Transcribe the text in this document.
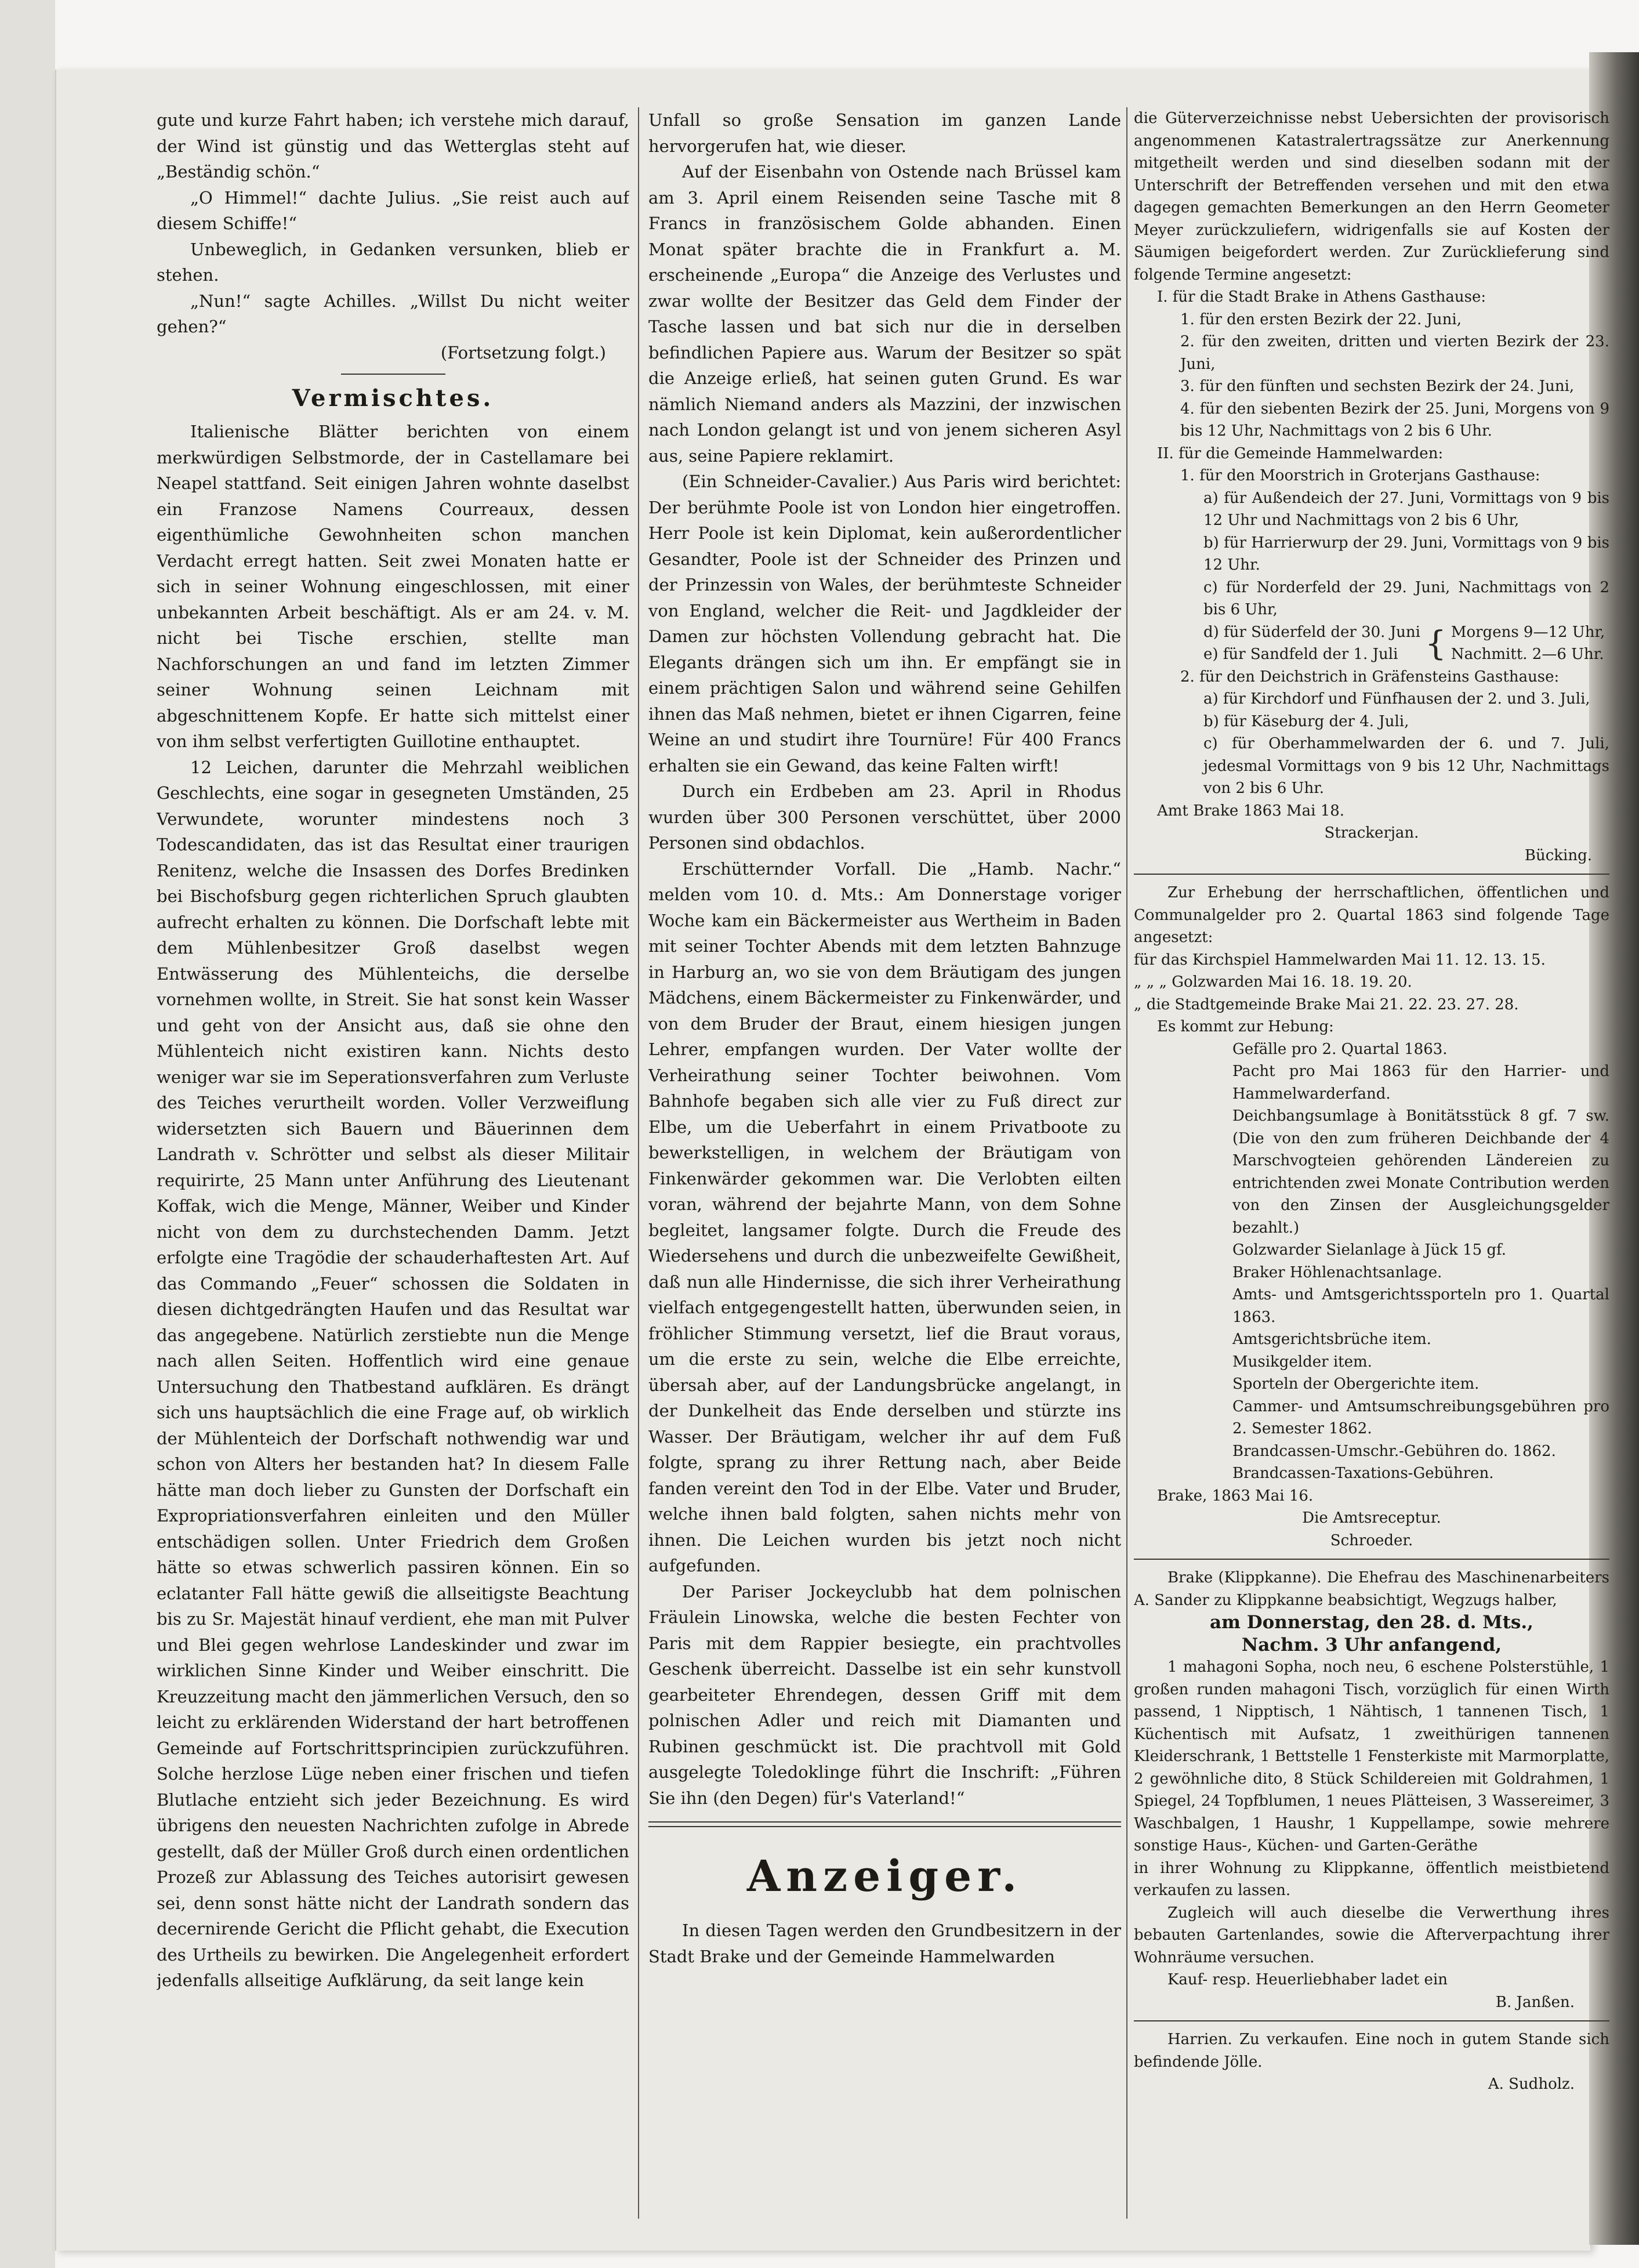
gute und kurze Fahrt haben; ich verstehe mich darauf, der Wind ist günstig und das Wetterglas steht auf „Beständig schön.“

„O Himmel!“ dachte Julius. „Sie reist auch auf diesem Schiffe!“

Unbeweglich, in Gedanken versunken, blieb er stehen.

„Nun!“ sagte Achilles. „Willst Du nicht weiter gehen?“

(Fortsetzung folgt.)

Vermischtes.

Italienische Blätter berichten von einem merkwürdigen Selbstmorde, der in Castellamare bei Neapel stattfand. Seit einigen Jahren wohnte daselbst ein Franzose Namens Courreaux, dessen eigenthümliche Gewohnheiten schon manchen Verdacht erregt hatten. Seit zwei Monaten hatte er sich in seiner Wohnung eingeschlossen, mit einer unbekannten Arbeit beschäftigt. Als er am 24. v. M. nicht bei Tische erschien, stellte man Nachforschungen an und fand im letzten Zimmer seiner Wohnung seinen Leichnam mit abgeschnittenem Kopfe. Er hatte sich mittelst einer von ihm selbst verfertigten Guillotine enthauptet.

12 Leichen, darunter die Mehrzahl weiblichen Geschlechts, eine sogar in gesegneten Umständen, 25 Verwundete, worunter mindestens noch 3 Todescandidaten, das ist das Resultat einer traurigen Renitenz, welche die Insassen des Dorfes Bredinken bei Bischofsburg gegen richterlichen Spruch glaubten aufrecht erhalten zu können. Die Dorfschaft lebte mit dem Mühlenbesitzer Groß daselbst wegen Entwässerung des Mühlenteichs, die derselbe vornehmen wollte, in Streit. Sie hat sonst kein Wasser und geht von der Ansicht aus, daß sie ohne den Mühlenteich nicht existiren kann. Nichts desto weniger war sie im Seperationsverfahren zum Verluste des Teiches verurtheilt worden. Voller Verzweiflung widersetzten sich Bauern und Bäuerinnen dem Landrath v. Schrötter und selbst als dieser Militair requirirte, 25 Mann unter Anführung des Lieutenant Koffak, wich die Menge, Männer, Weiber und Kinder nicht von dem zu durchstechenden Damm. Jetzt erfolgte eine Tragödie der schauderhaftesten Art. Auf das Commando „Feuer“ schossen die Soldaten in diesen dichtgedrängten Haufen und das Resultat war das angegebene. Natürlich zerstiebte nun die Menge nach allen Seiten. Hoffentlich wird eine genaue Untersuchung den Thatbestand aufklären. Es drängt sich uns hauptsächlich die eine Frage auf, ob wirklich der Mühlenteich der Dorfschaft nothwendig war und schon von Alters her bestanden hat? In diesem Falle hätte man doch lieber zu Gunsten der Dorfschaft ein Expropriationsverfahren einleiten und den Müller entschädigen sollen. Unter Friedrich dem Großen hätte so etwas schwerlich passiren können. Ein so eclatanter Fall hätte gewiß die allseitigste Beachtung bis zu Sr. Majestät hinauf verdient, ehe man mit Pulver und Blei gegen wehrlose Landeskinder und zwar im wirklichen Sinne Kinder und Weiber einschritt. Die Kreuzzeitung macht den jämmerlichen Versuch, den so leicht zu erklärenden Widerstand der hart betroffenen Gemeinde auf Fortschrittsprincipien zurückzuführen. Solche herzlose Lüge neben einer frischen und tiefen Blutlache entzieht sich jeder Bezeichnung. Es wird übrigens den neuesten Nachrichten zufolge in Abrede gestellt, daß der Müller Groß durch einen ordentlichen Prozeß zur Ablassung des Teiches autorisirt gewesen sei, denn sonst hätte nicht der Landrath sondern das decernirende Gericht die Pflicht gehabt, die Execution des Urtheils zu bewirken. Die Angelegenheit erfordert jedenfalls allseitige Aufklärung, da seit lange kein

Unfall so große Sensation im ganzen Lande hervorgerufen hat, wie dieser.

Auf der Eisenbahn von Ostende nach Brüssel kam am 3. April einem Reisenden seine Tasche mit 8 Francs in französischem Golde abhanden. Einen Monat später brachte die in Frankfurt a. M. erscheinende „Europa“ die Anzeige des Verlustes und zwar wollte der Besitzer das Geld dem Finder der Tasche lassen und bat sich nur die in derselben befindlichen Papiere aus. Warum der Besitzer so spät die Anzeige erließ, hat seinen guten Grund. Es war nämlich Niemand anders als Mazzini, der inzwischen nach London gelangt ist und von jenem sicheren Asyl aus, seine Papiere reklamirt.

(Ein Schneider-Cavalier.) Aus Paris wird berichtet: Der berühmte Poole ist von London hier eingetroffen. Herr Poole ist kein Diplomat, kein außerordentlicher Gesandter, Poole ist der Schneider des Prinzen und der Prinzessin von Wales, der berühmteste Schneider von England, welcher die Reit- und Jagdkleider der Damen zur höchsten Vollendung gebracht hat. Die Elegants drängen sich um ihn. Er empfängt sie in einem prächtigen Salon und während seine Gehilfen ihnen das Maß nehmen, bietet er ihnen Cigarren, feine Weine an und studirt ihre Tournüre! Für 400 Francs erhalten sie ein Gewand, das keine Falten wirft!

Durch ein Erdbeben am 23. April in Rhodus wurden über 300 Personen verschüttet, über 2000 Personen sind obdachlos.

Erschütternder Vorfall. Die „Hamb. Nachr.“ melden vom 10. d. Mts.: Am Donnerstage voriger Woche kam ein Bäckermeister aus Wertheim in Baden mit seiner Tochter Abends mit dem letzten Bahnzuge in Harburg an, wo sie von dem Bräutigam des jungen Mädchens, einem Bäckermeister zu Finkenwärder, und von dem Bruder der Braut, einem hiesigen jungen Lehrer, empfangen wurden. Der Vater wollte der Verheirathung seiner Tochter beiwohnen. Vom Bahnhofe begaben sich alle vier zu Fuß direct zur Elbe, um die Ueberfahrt in einem Privatboote zu bewerkstelligen, in welchem der Bräutigam von Finkenwärder gekommen war. Die Verlobten eilten voran, während der bejahrte Mann, von dem Sohne begleitet, langsamer folgte. Durch die Freude des Wiedersehens und durch die unbezweifelte Gewißheit, daß nun alle Hindernisse, die sich ihrer Verheirathung vielfach entgegengestellt hatten, überwunden seien, in fröhlicher Stimmung versetzt, lief die Braut voraus, um die erste zu sein, welche die Elbe erreichte, übersah aber, auf der Landungsbrücke angelangt, in der Dunkelheit das Ende derselben und stürzte ins Wasser. Der Bräutigam, welcher ihr auf dem Fuß folgte, sprang zu ihrer Rettung nach, aber Beide fanden vereint den Tod in der Elbe. Vater und Bruder, welche ihnen bald folgten, sahen nichts mehr von ihnen. Die Leichen wurden bis jetzt noch nicht aufgefunden.

Der Pariser Jockeyclubb hat dem polnischen Fräulein Linowska, welche die besten Fechter von Paris mit dem Rappier besiegte, ein prachtvolles Geschenk überreicht. Dasselbe ist ein sehr kunstvoll gearbeiteter Ehrendegen, dessen Griff mit dem polnischen Adler und reich mit Diamanten und Rubinen geschmückt ist. Die prachtvoll mit Gold ausgelegte Toledoklinge führt die Inschrift: „Führen Sie ihn (den Degen) für's Vaterland!“

Anzeiger.

In diesen Tagen werden den Grundbesitzern in der Stadt Brake und der Gemeinde Hammelwarden

die Güterverzeichnisse nebst Uebersichten der provisorisch angenommenen Katastralertragssätze zur Anerkennung mitgetheilt werden und sind dieselben sodann mit der Unterschrift der Betreffenden versehen und mit den etwa dagegen gemachten Bemerkungen an den Herrn Geometer Meyer zurückzuliefern, widrigenfalls sie auf Kosten der Säumigen beigefordert werden. Zur Zurücklieferung sind folgende Termine angesetzt:

I. für die Stadt Brake in Athens Gasthause:

1. für den ersten Bezirk der 22. Juni,

2. für den zweiten, dritten und vierten Bezirk der 23. Juni,

3. für den fünften und sechsten Bezirk der 24. Juni,

4. für den siebenten Bezirk der 25. Juni, Morgens von 9 bis 12 Uhr, Nachmittags von 2 bis 6 Uhr.

II. für die Gemeinde Hammelwarden:

1. für den Moorstrich in Groterjans Gasthause:

a) für Außendeich der 27. Juni, Vormittags von 9 bis 12 Uhr und Nachmittags von 2 bis 6 Uhr,

b) für Harrierwurp der 29. Juni, Vormittags von 9 bis 12 Uhr.

c) für Norderfeld der 29. Juni, Nachmittags von 2 bis 6 Uhr,

d) für Süderfeld der 30. Juni

e) für Sandfeld der 1. Juli { Morgens 9—12 Uhr,

Nachmitt. 2—6 Uhr.

2. für den Deichstrich in Gräfensteins Gasthause:

a) für Kirchdorf und Fünfhausen der 2. und 3. Juli,

b) für Käseburg der 4. Juli,

c) für Oberhammelwarden der 6. und 7. Juli, jedesmal Vormittags von 9 bis 12 Uhr, Nachmittags von 2 bis 6 Uhr.

Amt Brake 1863 Mai 18.

Strackerjan.

Bücking.

Zur Erhebung der herrschaftlichen, öffentlichen und Communalgelder pro 2. Quartal 1863 sind folgende Tage angesetzt:

für das Kirchspiel Hammelwarden Mai 11. 12. 13. 15.

„ „ „ Golzwarden Mai 16. 18. 19. 20.

„ die Stadtgemeinde Brake Mai 21. 22. 23. 27. 28.

Es kommt zur Hebung:

Gefälle pro 2. Quartal 1863.

Pacht pro Mai 1863 für den Harrier- und Hammelwarderfand.

Deichbangsumlage à Bonitätsstück 8 gf. 7 sw. (Die von den zum früheren Deichbande der 4 Marschvogteien gehörenden Ländereien zu entrichtenden zwei Monate Contribution werden von den Zinsen der Ausgleichungsgelder bezahlt.)

Golzwarder Sielanlage à Jück 15 gf.

Braker Höhlenachtsanlage.

Amts- und Amtsgerichtssporteln pro 1. Quartal 1863.

Amtsgerichtsbrüche item.

Musikgelder item.

Sporteln der Obergerichte item.

Cammer- und Amtsumschreibungsgebühren pro 2. Semester 1862.

Brandcassen-Umschr.-Gebühren do. 1862.

Brandcassen-Taxations-Gebühren.

Brake, 1863 Mai 16.

Die Amtsreceptur.

Schroeder.

Brake (Klippkanne). Die Ehefrau des Maschinenarbeiters A. Sander zu Klippkanne beabsichtigt, Wegzugs halber,

am Donnerstag, den 28. d. Mts.,

Nachm. 3 Uhr anfangend,

1 mahagoni Sopha, noch neu, 6 eschene Polsterstühle, 1 großen runden mahagoni Tisch, vorzüglich für einen Wirth passend, 1 Nipptisch, 1 Nähtisch, 1 tannenen Tisch, 1 Küchentisch mit Aufsatz, 1 zweithürigen tannenen Kleiderschrank, 1 Bettstelle 1 Fensterkiste mit Marmorplatte, 2 gewöhnliche dito, 8 Stück Schildereien mit Goldrahmen, 1 Spiegel, 24 Topfblumen, 1 neues Plätteisen, 3 Wassereimer, 3 Waschbalgen, 1 Haushr, 1 Kuppellampe, sowie mehrere sonstige Haus-, Küchen- und Garten-Geräthe

in ihrer Wohnung zu Klippkanne, öffentlich meistbietend verkaufen zu lassen.

Zugleich will auch dieselbe die Verwerthung ihres bebauten Gartenlandes, sowie die Afterverpachtung ihrer Wohnräume versuchen.

Kauf- resp. Heuerliebhaber ladet ein

B. Janßen.

Harrien. Zu verkaufen. Eine noch in gutem Stande sich befindende Jölle.

A. Sudholz.
